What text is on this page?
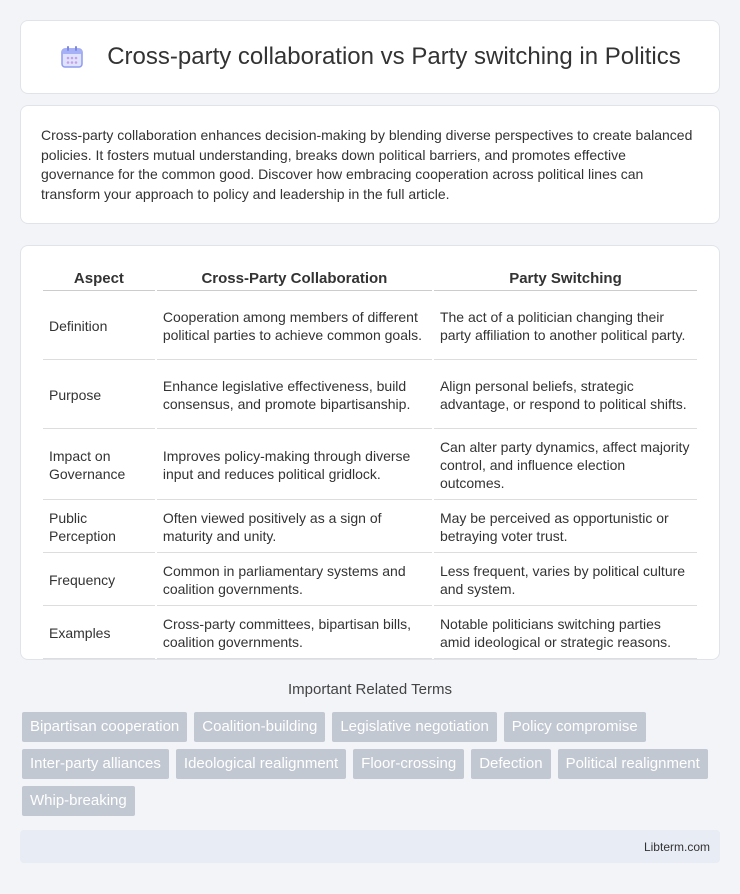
Cross-party collaboration vs Party switching in Politics

Cross-party collaboration enhances decision-making by blending diverse perspectives to create balanced policies. It fosters mutual understanding, breaks down political barriers, and promotes effective governance for the common good. Discover how embracing cooperation across political lines can transform your approach to policy and leadership in the full article.

Aspect	Cross-Party Collaboration	Party Switching
Definition	Cooperation among members of different political parties to achieve common goals.	The act of a politician changing their party affiliation to another political party.
Purpose	Enhance legislative effectiveness, build consensus, and promote bipartisanship.	Align personal beliefs, strategic advantage, or respond to political shifts.
Impact on Governance	Improves policy-making through diverse input and reduces political gridlock.	Can alter party dynamics, affect majority control, and influence election outcomes.
Public Perception	Often viewed positively as a sign of maturity and unity.	May be perceived as opportunistic or betraying voter trust.
Frequency	Common in parliamentary systems and coalition governments.	Less frequent, varies by political culture and system.
Examples	Cross-party committees, bipartisan bills, coalition governments.	Notable politicians switching parties amid ideological or strategic reasons.
Important Related Terms
Bipartisan cooperation	Coalition-building	Legislative negotiation	Policy compromise
Inter-party alliances	Ideological realignment	Floor-crossing	Defection	Political realignment
Whip-breaking
Libterm.com
